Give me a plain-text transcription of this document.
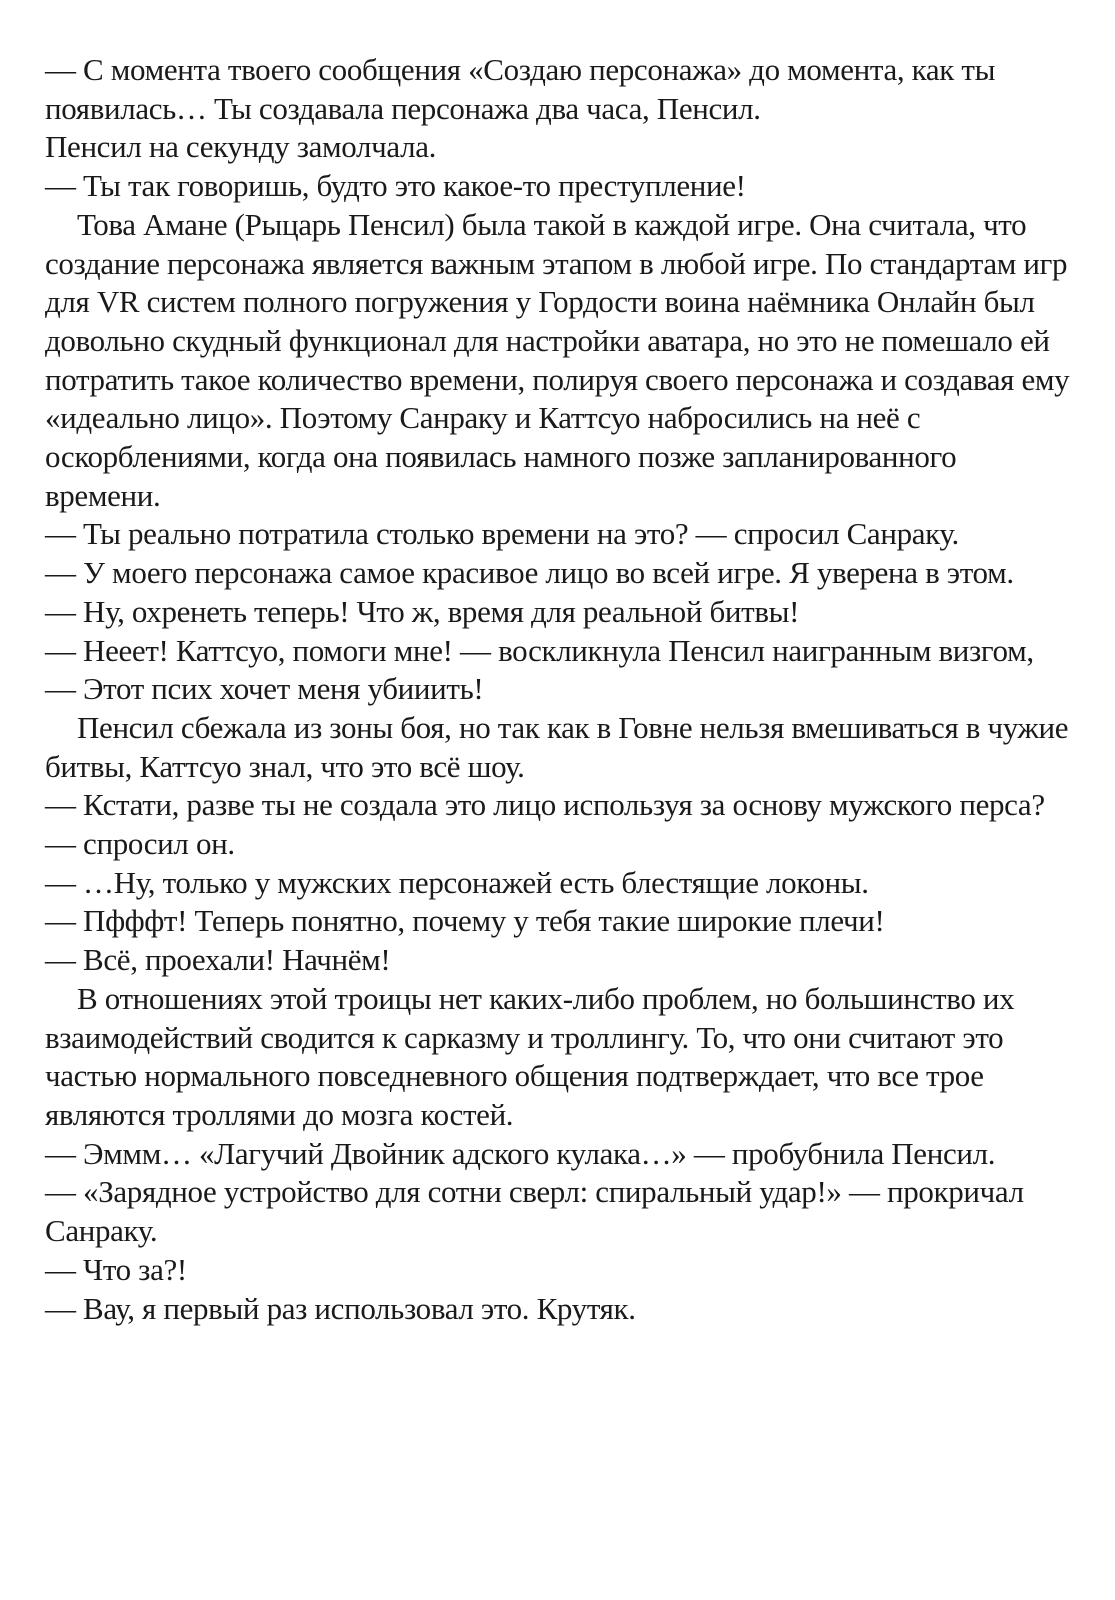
— С момента твоего сообщения «Создаю персонажа» до момента, как ты появилась… Ты создавала персонажа два часа, Пенсил.

Пенсил на секунду замолчала.

— Ты так говоришь, будто это какое-то преступление!

Това Амане (Рыцарь Пенсил) была такой в каждой игре. Она считала, что создание персонажа является важным этапом в любой игре. По стандартам игр для VR систем полного погружения у Гордости воина наёмника Онлайн был довольно скудный функционал для настройки аватара, но это не помешало ей потратить такое количество времени, полируя своего персонажа и создавая ему «идеально лицо». Поэтому Санраку и Каттсуо набросились на неё с оскорблениями, когда она появилась намного позже запланированного времени.

— Ты реально потратила столько времени на это? — спросил Санраку.

— У моего персонажа самое красивое лицо во всей игре. Я уверена в этом.

— Ну, охренеть теперь! Что ж, время для реальной битвы!

— Нееет! Каттсуо, помоги мне! — воскликнула Пенсил наигранным визгом,

— Этот псих хочет меня убииить!

Пенсил сбежала из зоны боя, но так как в Говне нельзя вмешиваться в чужие битвы, Каттсуо знал, что это всё шоу.

— Кстати, разве ты не создала это лицо используя за основу мужского перса? — спросил он.

— …Ну, только у мужских персонажей есть блестящие локоны.

— Пфффт! Теперь понятно, почему у тебя такие широкие плечи!

— Всё, проехали! Начнём!

В отношениях этой троицы нет каких-либо проблем, но большинство их взаимодействий сводится к сарказму и троллингу. То, что они считают это частью нормального повседневного общения подтверждает, что все трое являются троллями до мозга костей.

— Эммм… «Лагучий Двойник адского кулака…» — пробубнила Пенсил.

— «Зарядное устройство для сотни сверл: спиральный удар!» — прокричал Санраку.

— Что за?!

— Вау, я первый раз использовал это. Крутяк.
